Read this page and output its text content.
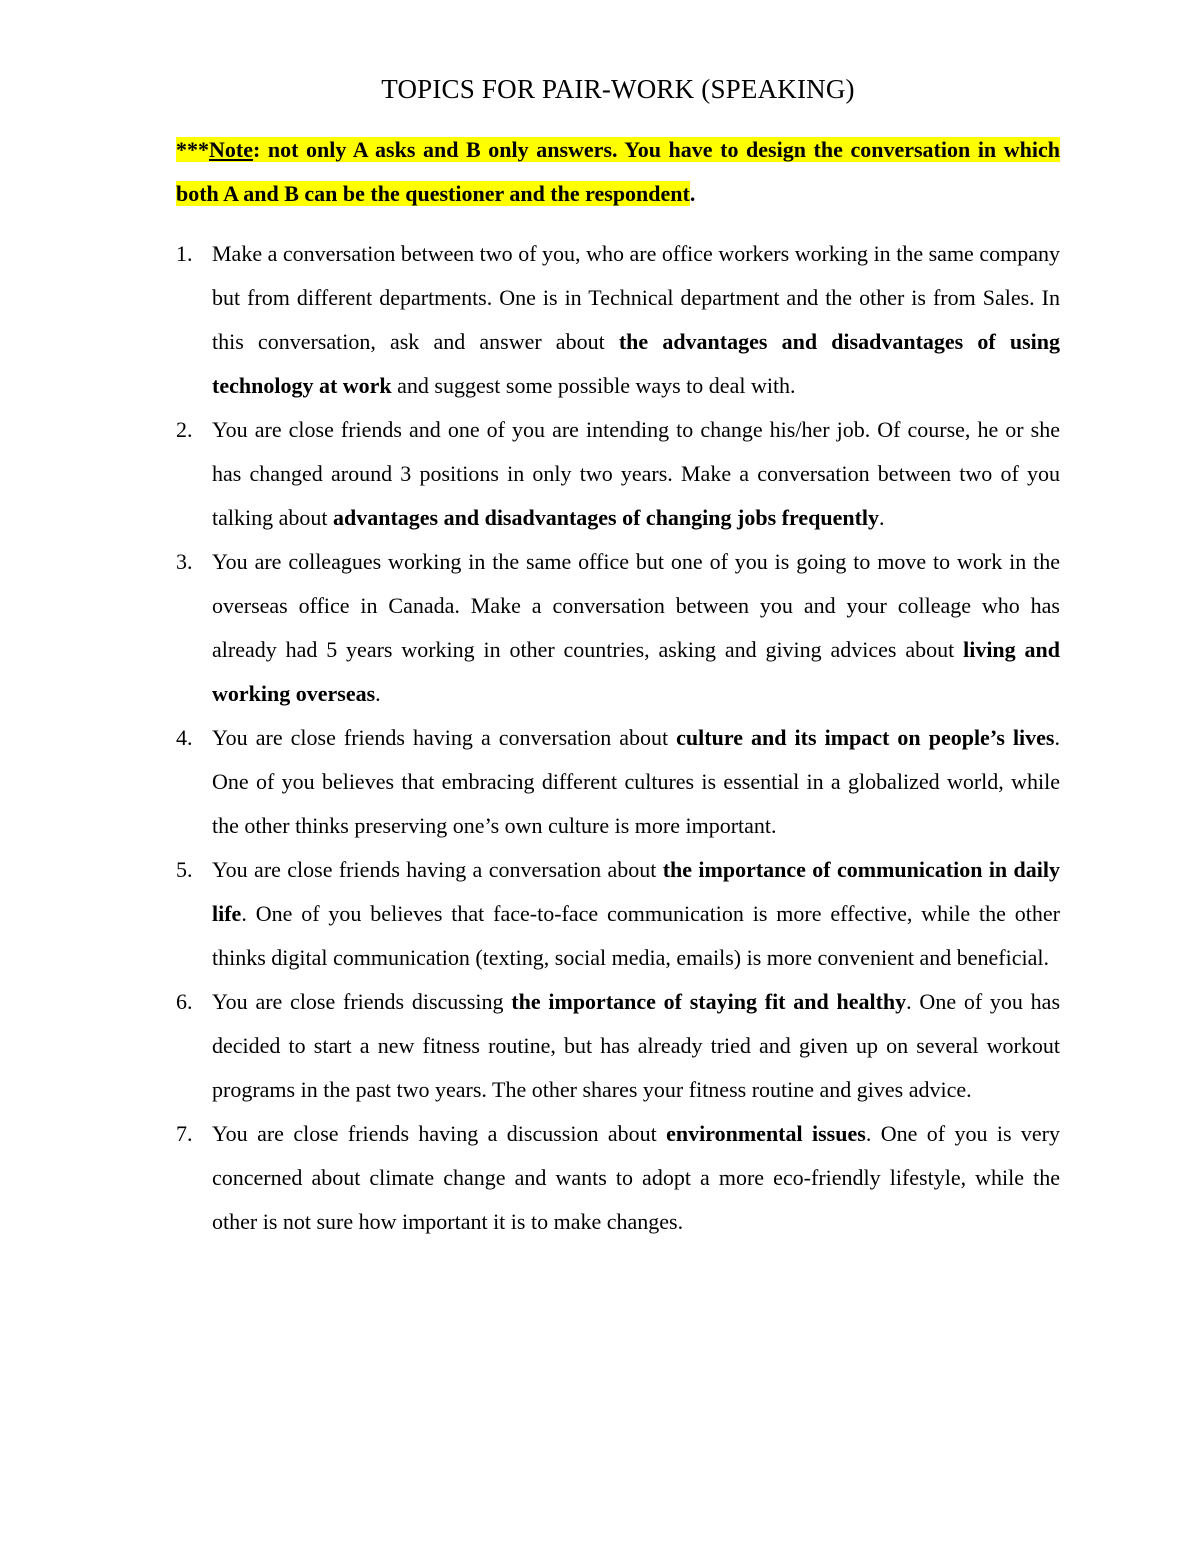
TOPICS FOR PAIR-WORK (SPEAKING)

***Note: not only A asks and B only answers. You have to design the conversation in which both A and B can be the questioner and the respondent.

1. Make a conversation between two of you, who are office workers working in the same company but from different departments. One is in Technical department and the other is from Sales. In this conversation, ask and answer about the advantages and disadvantages of using technology at work and suggest some possible ways to deal with.
2. You are close friends and one of you are intending to change his/her job. Of course, he or she has changed around 3 positions in only two years. Make a conversation between two of you talking about advantages and disadvantages of changing jobs frequently.
3. You are colleagues working in the same office but one of you is going to move to work in the overseas office in Canada. Make a conversation between you and your colleage who has already had 5 years working in other countries, asking and giving advices about living and working overseas.
4. You are close friends having a conversation about culture and its impact on people’s lives. One of you believes that embracing different cultures is essential in a globalized world, while the other thinks preserving one’s own culture is more important.
5. You are close friends having a conversation about the importance of communication in daily life. One of you believes that face-to-face communication is more effective, while the other thinks digital communication (texting, social media, emails) is more convenient and beneficial.
6. You are close friends discussing the importance of staying fit and healthy. One of you has decided to start a new fitness routine, but has already tried and given up on several workout programs in the past two years. The other shares your fitness routine and gives advice.
7. You are close friends having a discussion about environmental issues. One of you is very concerned about climate change and wants to adopt a more eco-friendly lifestyle, while the other is not sure how important it is to make changes.
